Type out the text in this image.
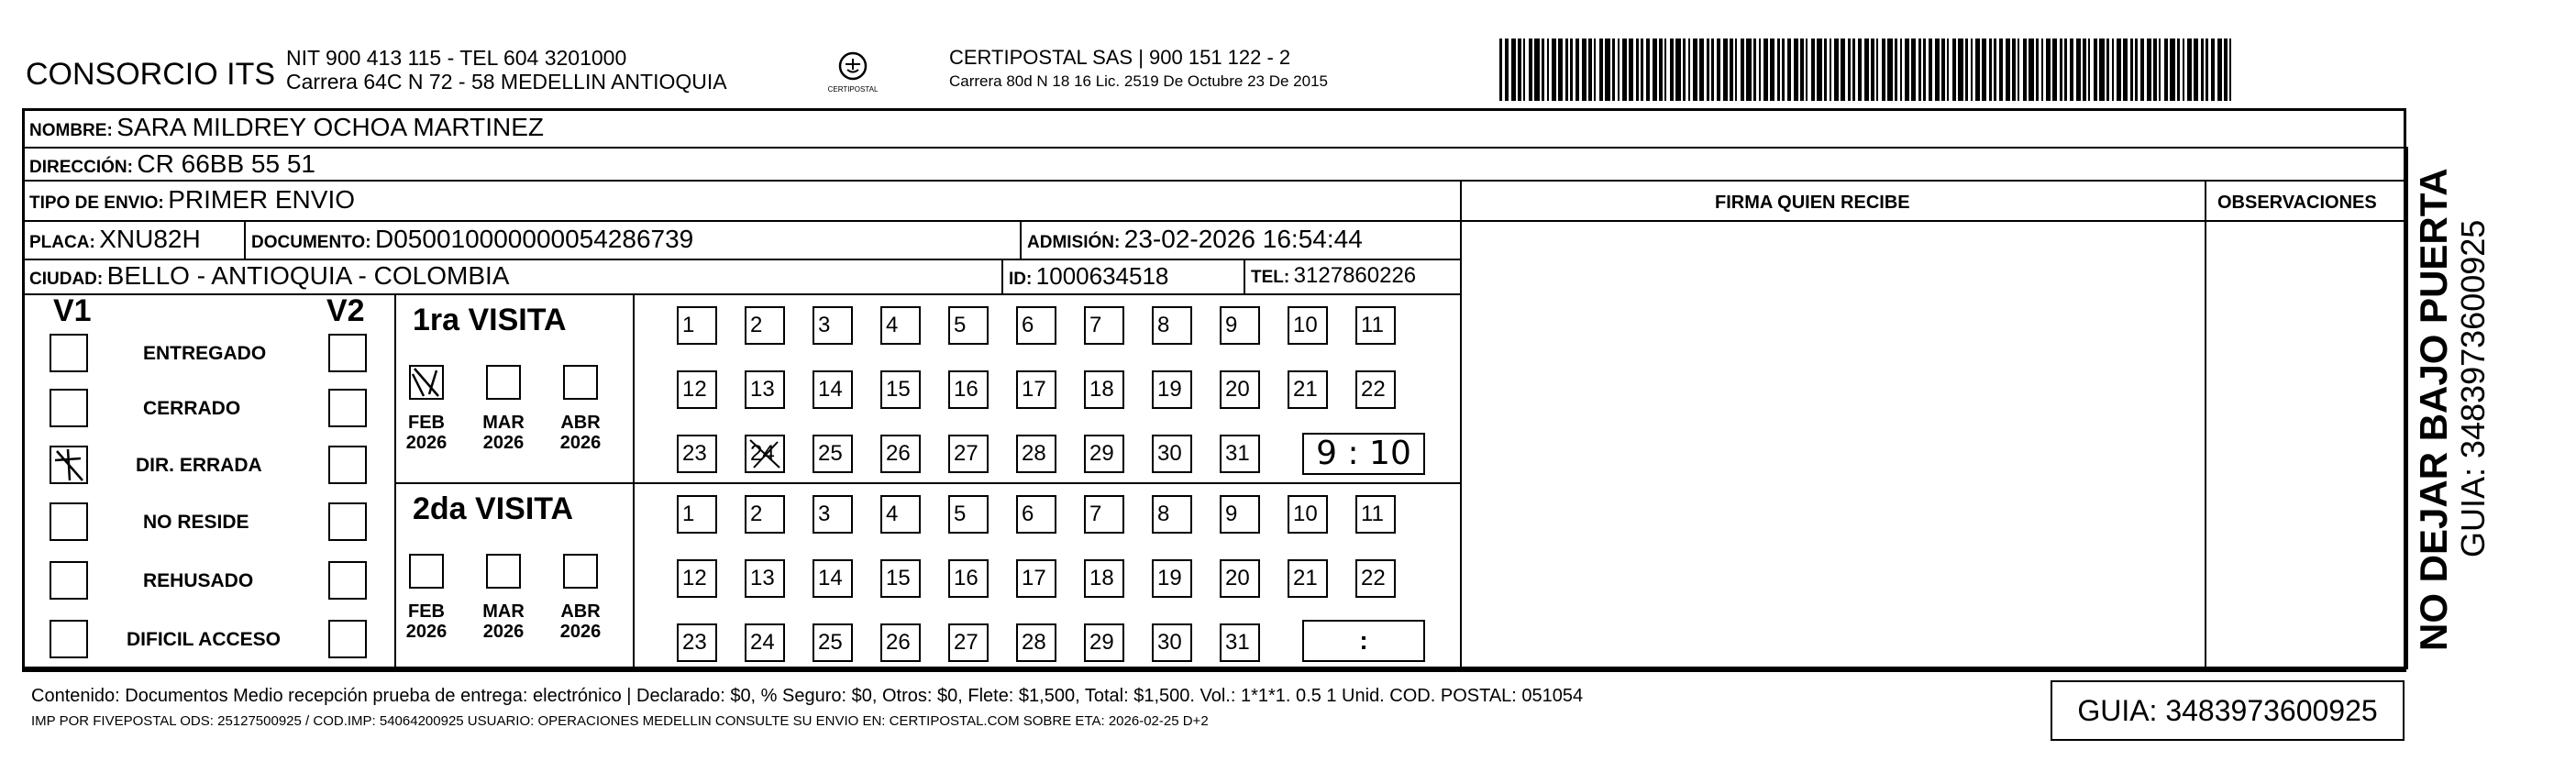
CONSORCIO ITS NIT 900 413 115 - TEL 604 3201000
Carrera 64C N 72 - 58 MEDELLIN ANTIOQUIA	CERTIPOSTAL
CERTIPOSTAL SAS | 900 151 122 - 2
Carrera 80d N 18 16 Lic. 2519 De Octubre 23 De 2015
NOMBRE: SARA MILDREY OCHOA MARTINEZ
DIRECCIÓN: CR 66BB 55 51
TIPO DE ENVIO: PRIMER ENVIO	FIRMA QUIEN RECIBE	OBSERVACIONES
PLACA: XNU82H	DOCUMENTO: D050010000000054286739	ADMISIÓN: 23-02-2026 16:54:44
CIUDAD: BELLO - ANTIOQUIA - COLOMBIA	ID: 1000634518	TEL: 3127860226
V1	V2
ENTREGADO
CERRADO
DIR. ERRADA
NO RESIDE
REHUSADO
DIFICIL ACCESO
1ra VISITA
2da VISITA
FEB
2026
MAR
2026
ABR
2026
FEB
2026
MAR
2026
ABR
2026
1	2	3	4	5	6	7	8	9	10	11
12	13	14	15	16	17	18	19	20	21	22
23	24	25	26	27	28	29	30	31
1	2	3	4	5	6	7	8	9	10	11
12	13	14	15	16	17	18	19	20	21	22
23	24	25	26	27	28	29	30	31
9 : 10
:
Contenido: Documentos Medio recepción prueba de entrega: electrónico | Declarado: $0, % Seguro: $0, Otros: $0, Flete: $1,500, Total: $1,500. Vol.: 1*1*1. 0.5 1 Unid. COD. POSTAL: 051054
IMP POR FIVEPOSTAL ODS: 25127500925 / COD.IMP: 54064200925 USUARIO: OPERACIONES MEDELLIN CONSULTE SU ENVIO EN: CERTIPOSTAL.COM SOBRE ETA: 2026-02-25 D+2	GUIA: 3483973600925
NO DEJAR BAJO PUERTA GUIA: 3483973600925
